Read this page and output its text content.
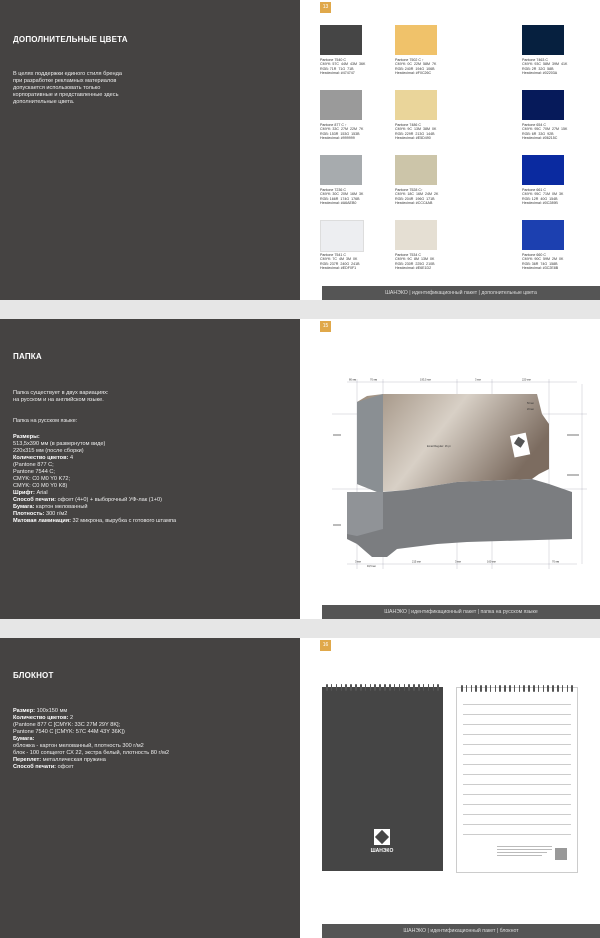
ДОПОЛНИТЕЛЬНЫЕ ЦВЕТА
В целях поддержки единого стиля бренда
при разработке рекламных материалов
допускается использовать только
корпоративные и представленные здесь
дополнительные цвета.
13
Pantone 7540 C
CMYK: 57C  44M  43M  36K
RGB: 71R  71G  71B
Hexdecimal: #474747
Pantone 7502 C ↑
CMYK: 0C  22M  58M  7K
RGB: 240R  194G  106B
Hexdecimal: #F0C26C
Pantone 7463 C
CMYK: 93C  58M  39M  41K
RGB: 2R  32G  58B
Hexdecimal: #02203A
Pantone 877 C ↑
CMYK: 33C  27M  22M  7K
RGB: 153R  153G  153B
Hexdecimal: #999999
Pantone 7486 C
CMYK: 9C  13M  38M  0K
RGB: 229R  213G  144B
Hexdecimal: #E5D490
Pantone 654 C
CMYK: 95C  70M  27M  15K
RGB: 6R  33G  92B
Hexdecimal: #06215C
Pantone 7236 C
CMYK: 30C  20M  16M  3K
RGB: 166R  174G  176B
Hexdecimal: #A6AEB0
Pantone 7528 C↑
CMYK: 18C  16M  24M  2K
RGB: 204R  196G  171B
Hexdecimal: #CCC4AB
Pantone 661 C
CMYK: 95C  71M  0M  3K
RGB: 12R  40G  154B
Hexdecimal: #0C289B
Pantone 7541 C
CMYK: 7C  4M  3M  0K
RGB: 237R  240G  241B
Hexdecimal: #EDF0F1
Pantone 7534 C
CMYK: 9C  8M  13M  0K
RGB: 230R  225G  210B
Hexdecimal: #E6E1D2
Pantone 660 C
CMYK: 90C  59M  2M  0K
RGB: 36R  74G  158B
Hexdecimal: #3C2E8B
ШАНЭКО | идентификационный пакет | дополнительные цвета
ПАПКА
Папка существует в двух вариациях:
на русском и на английском языке.
Папка на русском языке:
Размеры:
513,5x390 мм (в развернутом виде)
220x315 мм (после сборки)
Количество цветов: 4
(Pantone 877 C;
Pantone 7544 C;
CMYK: C0 M0 Y0 K72;
CMYK: C0 M0 Y0 K8)
Шрифт: Arial
Способ печати: офсет (4+0) + выборочный УФ-лак (1+0)
Бумага: картон мелованный
Плотность: 300 г/м2
Матовая ламинация: 32 микрона, вырубка с готового штампа
15
80 мм	70 мм	193,5 мм	3 мм	220 мм
3 мм	215 мм	3 мм	160 мм	70 мм
50 мм
20 мм
94,5 мм
Email Reguler: 16 pt
ШАНЭКО | идентификационный пакет | папка на русском языке
БЛОКНОТ
Размер: 100x150 мм
Количество цветов: 2
(Pantone 877 C [CMYK: 33C 27M 29Y 8K];
Pantone 7540 C [CMYK: 57C 44M 43Y 36K])
Бумага:
обложка - картон мелованный, плотность 300 г/м2
блок - 100 сопщегот СХ 22, экстра белый, плотность 80 г/м2
Переплет: металлическая пружина
Способ печати: офсет
16
ШАНЭКО
ШАНЭКО | идентификационный пакет | блокнот
